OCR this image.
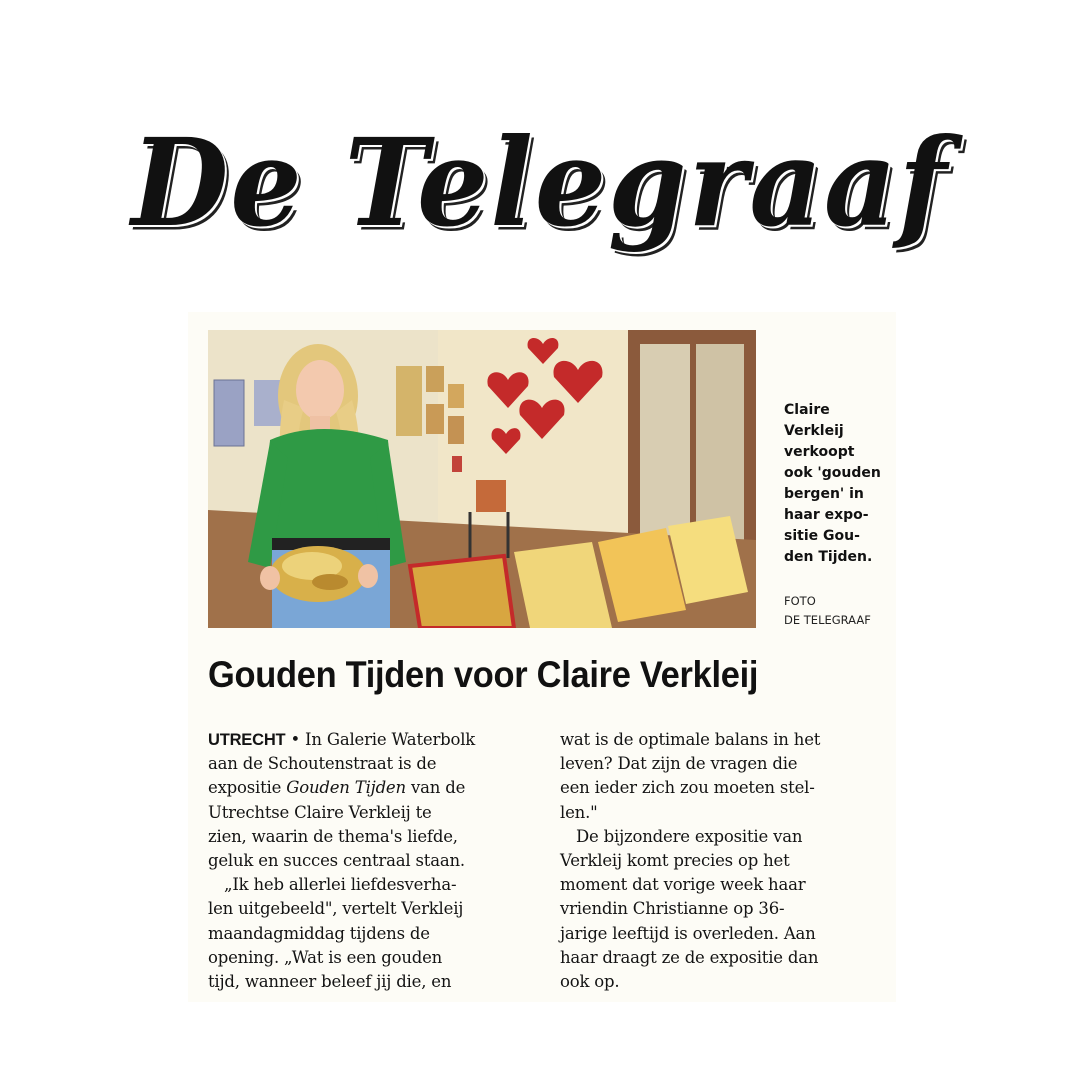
De Telegraaf
Claire
Verkleij
verkoopt
ook 'gouden
bergen' in
haar expo-
sitie Gou-
den Tijden.
FOTO
DE TELEGRAAF
Gouden Tijden voor Claire Verkleij

UTRECHT • In Galerie Waterbolk

aan de Schoutenstraat is de

expositie Gouden Tijden van de

Utrechtse Claire Verkleij te

zien, waarin de thema's liefde,

geluk en succes centraal staan.

„Ik heb allerlei liefdesverha-

len uitgebeeld", vertelt Verkleij

maandagmiddag tijdens de

opening. „Wat is een gouden

tijd, wanneer beleef jij die, en

wat is de optimale balans in het

leven? Dat zijn de vragen die

een ieder zich zou moeten stel-

len."

De bijzondere expositie van

Verkleij komt precies op het

moment dat vorige week haar

vriendin Christianne op 36-

jarige leeftijd is overleden. Aan

haar draagt ze de expositie dan

ook op.
